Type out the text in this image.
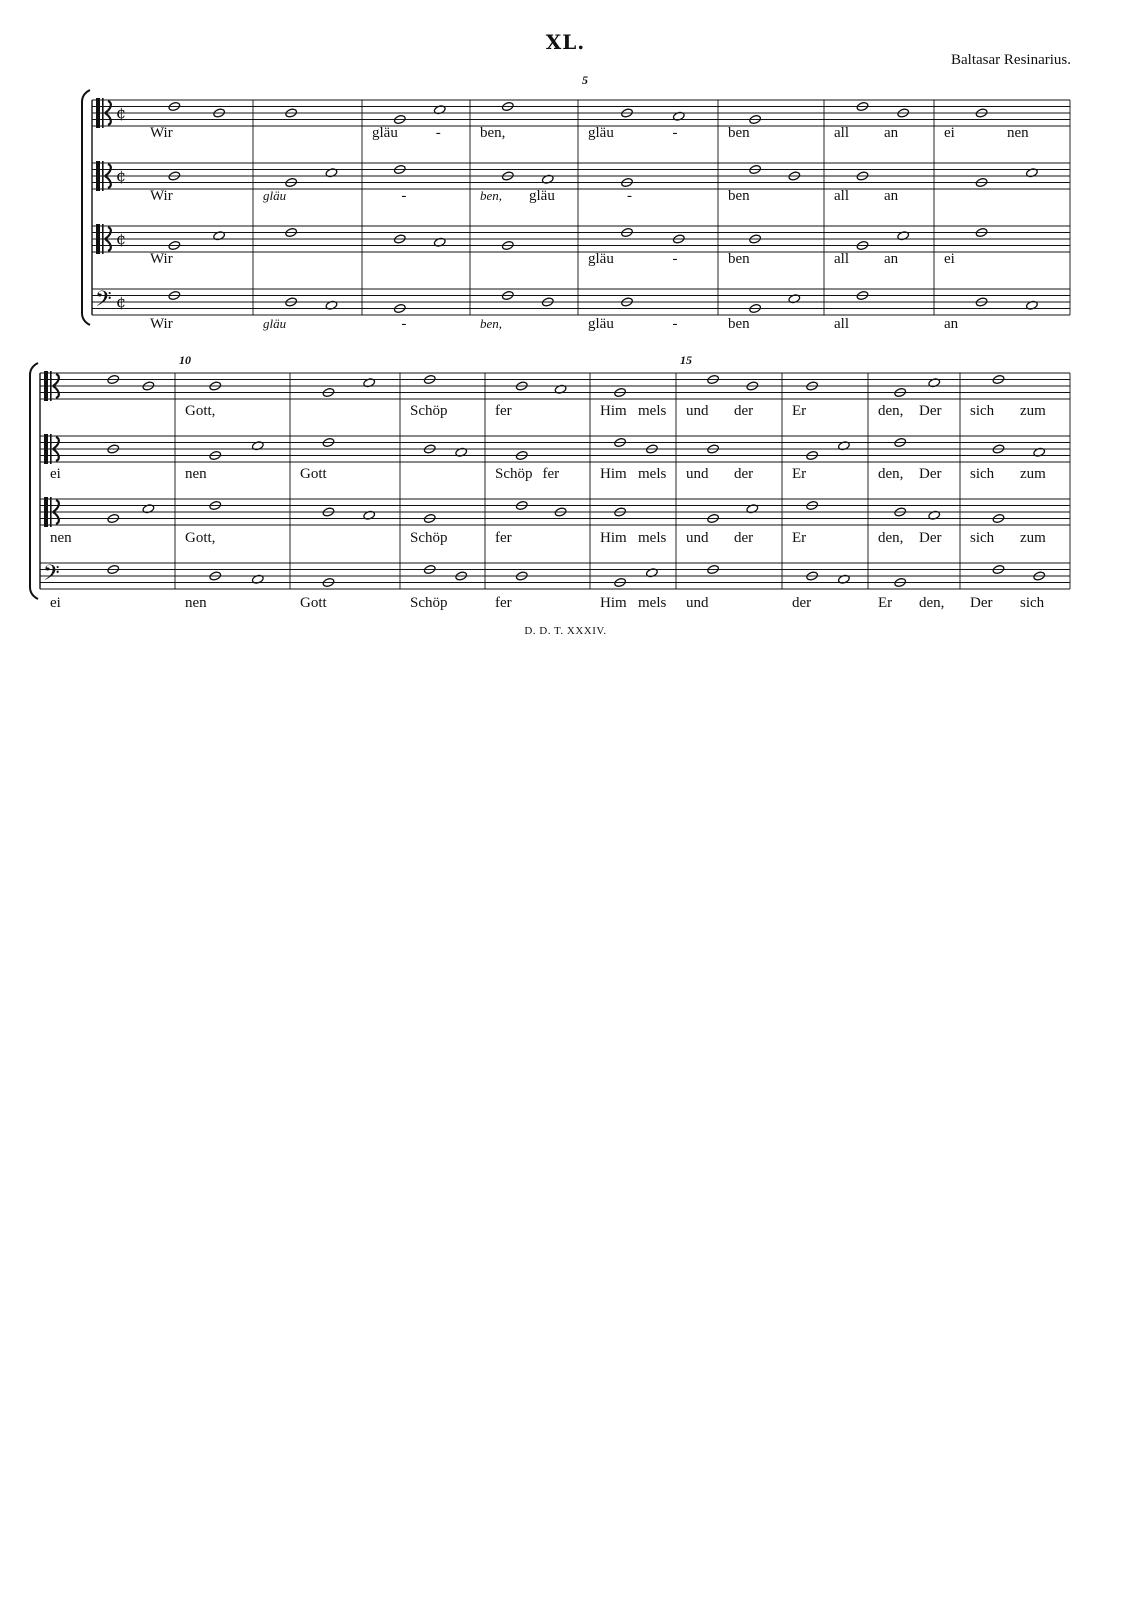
XL.
Baltasar Resinarius.
¢
¢
¢
𝄢 ¢
5
Wir	gläu	-	ben,	gläu	-	ben	all an	ei	nen
Wir	gläu	-	ben, gläu	-	ben	all an
Wir	gläu	-	ben	all an	ei
Wir	gläu	-	ben,	gläu	-	ben	all	an
𝄢
10	15
Gott,	Schöp	fer	Him mels und der	Er	den, Der sich zum
ei	nen	Gott	Schöp fer	Him mels und der	Er	den, Der sich zum
nen	Gott,	Schöp	fer	Him mels und der	Er	den, Der sich zum
ei	nen	Gott	Schöp	fer	Him mels und	der	Er den, Der sich
D. D. T. XXXIV.
